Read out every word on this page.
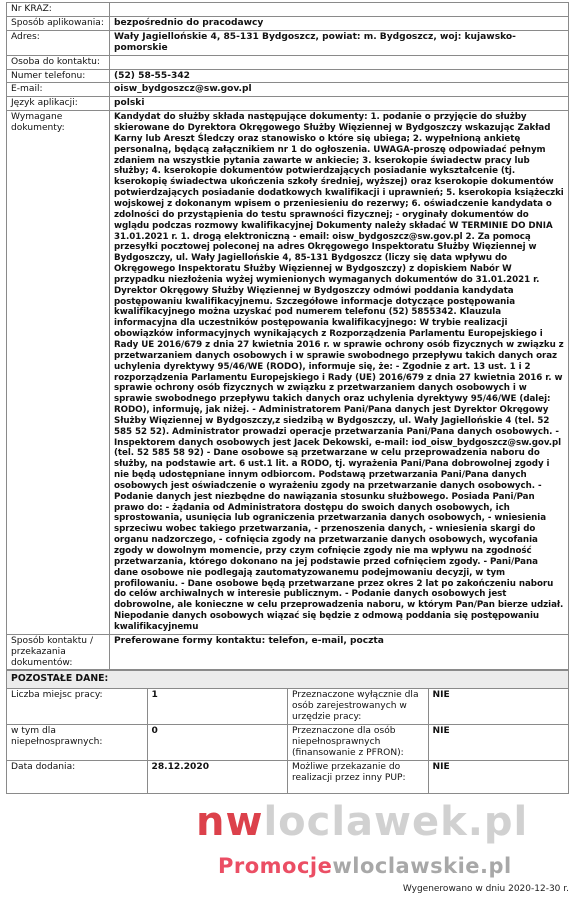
Nr KRAZ:	
Sposób aplikowania:	bezpośrednio do pracodawcy
Adres:	Wały Jagiellońskie 4, 85-131 Bydgoszcz, powiat: m. Bydgoszcz, woj: kujawsko-pomorskie
Osoba do kontaktu:	
Numer telefonu:	(52) 58-55-342
E-mail:	oisw_bydgoszcz@sw.gov.pl
Język aplikacji:	polski
Wymagane dokumenty:	Kandydat do służby składa następujące dokumenty: 1. podanie o przyjęcie do służby skierowane do Dyrektora Okręgowego Służby Więziennej w Bydgoszczy wskazując Zakład Karny lub Areszt Śledczy oraz stanowisko o które się ubiega; 2. wypełnioną ankietę personalną, będącą załącznikiem nr 1 do ogłoszenia. UWAGA-proszę odpowiadać pełnym zdaniem na wszystkie pytania zawarte w ankiecie; 3. kserokopie świadectw pracy lub służby; 4. kserokopie dokumentów potwierdzających posiadanie wykształcenie (tj. kserokopię świadectwa ukończenia szkoły średniej, wyższej) oraz kserokopie dokumentów potwierdzających posiadanie dodatkowych kwalifikacji i uprawnień; 5. kserokopia książeczki wojskowej z dokonanym wpisem o przeniesieniu do rezerwy; 6. oświadczenie kandydata o zdolności do przystąpienia do testu sprawności fizycznej; - oryginały dokumentów do wglądu podczas rozmowy kwalifikacyjnej Dokumenty należy składać W TERMINIE DO DNIA 31.01.2021 r. 1. drogą elektroniczną - email: oisw_bydgoszcz@sw.gov.pl 2. Za pomocą przesyłki pocztowej poleconej na adres Okręgowego Inspektoratu Służby Więziennej w Bydgoszczy, ul. Wały Jagiellońskie 4, 85-131 Bydgoszcz (liczy się data wpływu do Okręgowego Inspektoratu Służby Więziennej w Bydgoszczy) z dopiskiem Nabór W przypadku niezłożenia wyżej wymienionych wymaganych dokumentów do 31.01.2021 r. Dyrektor Okręgowy Służby Więziennej w Bydgoszczy odmówi poddania kandydata postępowaniu kwalifikacyjnemu. Szczegółowe informacje dotyczące postępowania kwalifikacyjnego można uzyskać pod numerem telefonu (52) 5855342. Klauzula informacyjna dla uczestników postępowania kwalifikacyjnego: W trybie realizacji obowiązków informacyjnych wynikających z Rozporządzenia Parlamentu Europejskiego i Rady UE 2016/679 z dnia 27 kwietnia 2016 r. w sprawie ochrony osób fizycznych w związku z przetwarzaniem danych osobowych i w sprawie swobodnego przepływu takich danych oraz uchylenia dyrektywy 95/46/WE (RODO), informuje się, że: - Zgodnie z art. 13 ust. 1 i 2 rozporządzenia Parlamentu Europejskiego i Rady (UE) 2016/679 z dnia 27 kwietnia 2016 r. w sprawie ochrony osób fizycznych w związku z przetwarzaniem danych osobowych i w sprawie swobodnego przepływu takich danych oraz uchylenia dyrektywy 95/46/WE (dalej: RODO), informuję, jak niżej. - Administratorem Pani/Pana danych jest Dyrektor Okręgowy Służby Więziennej w Bydgoszczy,z siedzibą w Bydgoszczy, ul. Wały Jagiellońskie 4 (tel. 52 585 52 52). Administrator prowadzi operacje przetwarzania Pani/Pana danych osobowych. - Inspektorem danych osobowych jest Jacek Dekowski, e-mail: iod_oisw_bydgoszcz@sw.gov.pl (tel. 52 585 58 92) - Dane osobowe są przetwarzane w celu przeprowadzenia naboru do służby, na podstawie art. 6 ust.1 lit. a RODO, tj. wyrażenia Pani/Pana dobrowolnej zgody i nie będą udostępniane innym odbiorcom. Podstawą przetwarzania Pani/Pana danych osobowych jest oświadczenie o wyrażeniu zgody na przetwarzanie danych osobowych. - Podanie danych jest niezbędne do nawiązania stosunku służbowego. Posiada Pani/Pan prawo do: - żądania od Administratora dostępu do swoich danych osobowych, ich sprostowania, usunięcia lub ograniczenia przetwarzania danych osobowych, - wniesienia sprzeciwu wobec takiego przetwarzania, - przenoszenia danych, - wniesienia skargi do organu nadzorczego, - cofnięcia zgody na przetwarzanie danych osobowych, wycofania zgody w dowolnym momencie, przy czym cofnięcie zgody nie ma wpływu na zgodność przetwarzania, którego dokonano na jej podstawie przed cofnięciem zgody. - Pani/Pana dane osobowe nie podlegają zautomatyzowanemu podejmowaniu decyzji, w tym profilowaniu. - Dane osobowe będą przetwarzane przez okres 2 lat po zakończeniu naboru do celów archiwalnych w interesie publicznym. - Podanie danych osobowych jest dobrowolne, ale konieczne w celu przeprowadzenia naboru, w którym Pan/Pan bierze udział. Niepodanie danych osobowych wiązać się będzie z odmową poddania się postępowaniu kwalifikacyjnemu
Sposób kontaktu / przekazania dokumentów:	Preferowane formy kontaktu: telefon, e-mail, poczta
POZOSTAŁE DANE:			
Liczba miejsc pracy:	1	Przeznaczone wyłącznie dla osób zarejestrowanych w urzędzie pracy:	NIE
w tym dla niepełnosprawnych:	0	Przeznaczone dla osób niepełnosprawnych (finansowanie z PFRON):	NIE
Data dodania:	28.12.2020	Możliwe przekazanie do realizacji przez inny PUP:	NIE
nwloclawek.pl
Promocjewloclawskie.pl
Wygenerowano w dniu 2020-12-30 r.
